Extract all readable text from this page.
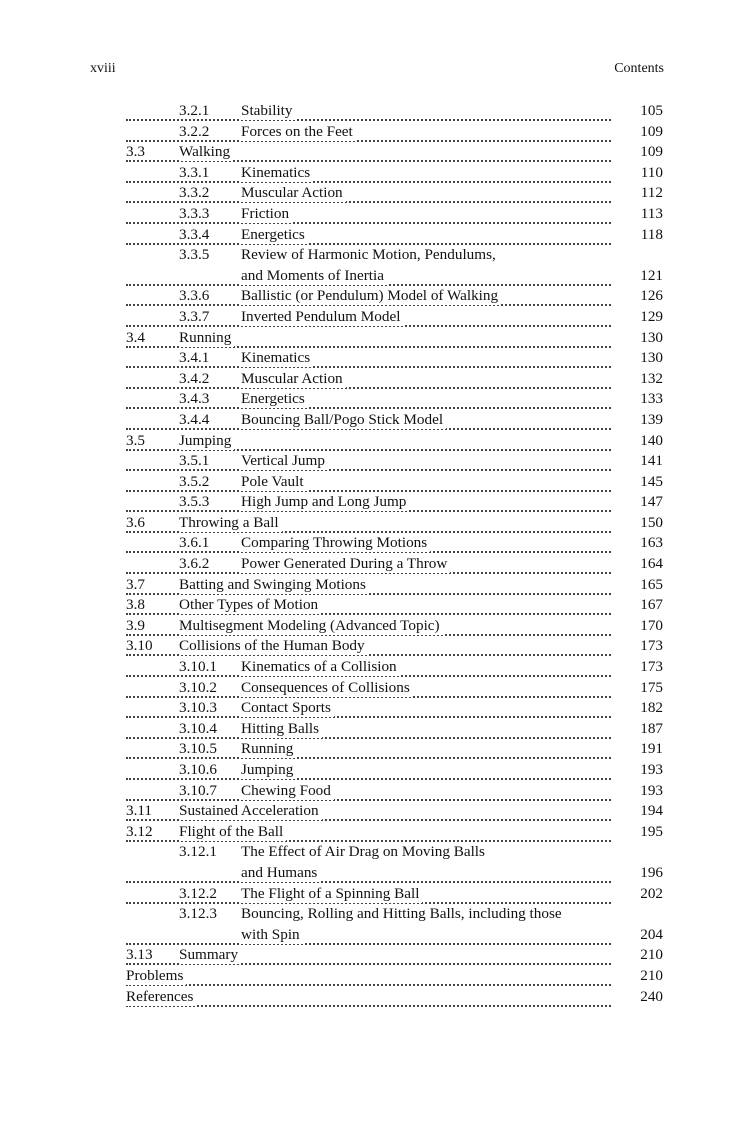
xviii	Contents
3.2.1 Stability	105
3.2.2 Forces on the Feet	109
3.3 Walking	109
3.3.1 Kinematics	110
3.3.2 Muscular Action	112
3.3.3 Friction	113
3.3.4 Energetics	118
3.3.5 Review of Harmonic Motion, Pendulums,
and Moments of Inertia	121
3.3.6 Ballistic (or Pendulum) Model of Walking	126
3.3.7 Inverted Pendulum Model	129
3.4 Running	130
3.4.1 Kinematics	130
3.4.2 Muscular Action	132
3.4.3 Energetics	133
3.4.4 Bouncing Ball/Pogo Stick Model	139
3.5 Jumping	140
3.5.1 Vertical Jump	141
3.5.2 Pole Vault	145
3.5.3 High Jump and Long Jump	147
3.6 Throwing a Ball	150
3.6.1 Comparing Throwing Motions	163
3.6.2 Power Generated During a Throw	164
3.7 Batting and Swinging Motions	165
3.8 Other Types of Motion	167
3.9 Multisegment Modeling (Advanced Topic)	170
3.10 Collisions of the Human Body	173
3.10.1 Kinematics of a Collision	173
3.10.2 Consequences of Collisions	175
3.10.3 Contact Sports	182
3.10.4 Hitting Balls	187
3.10.5 Running	191
3.10.6 Jumping	193
3.10.7 Chewing Food	193
3.11 Sustained Acceleration	194
3.12 Flight of the Ball	195
3.12.1 The Effect of Air Drag on Moving Balls
and Humans	196
3.12.2 The Flight of a Spinning Ball	202
3.12.3 Bouncing, Rolling and Hitting Balls, including those
with Spin	204
3.13 Summary	210
Problems	210
References	240
